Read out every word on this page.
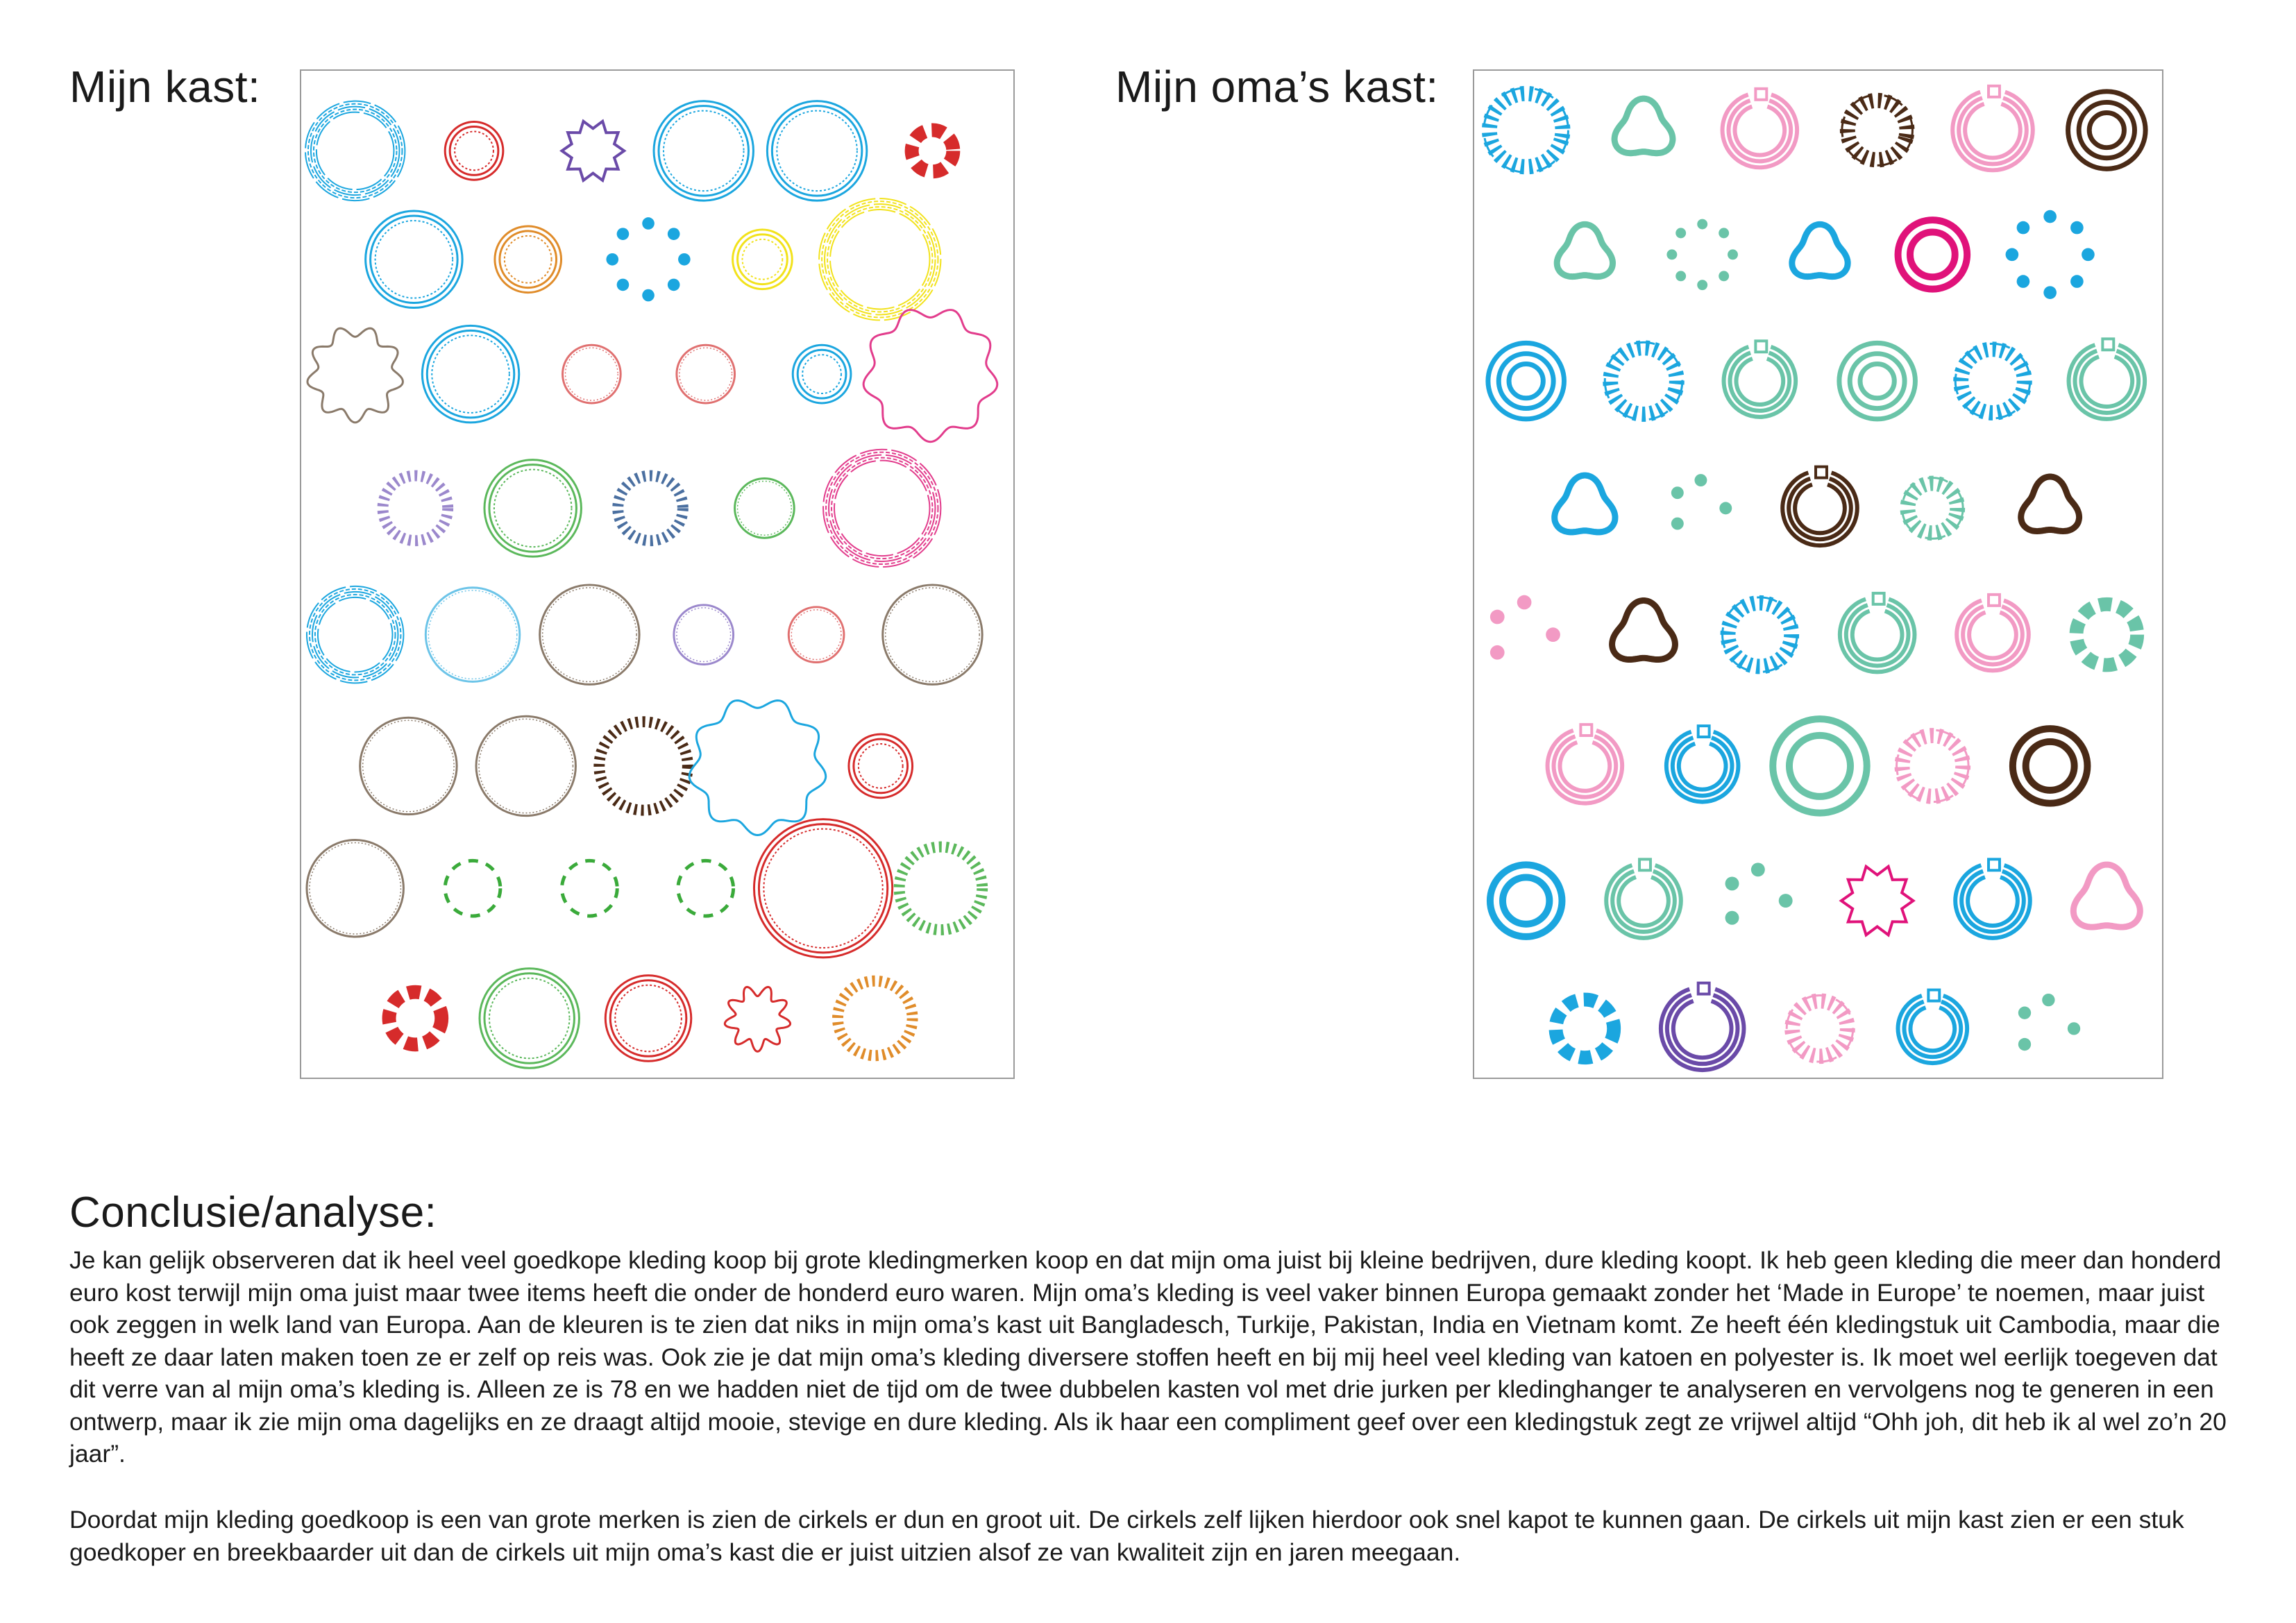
Mijn kast:	Mijn oma’s kast:
Conclusie/analyse:

Je kan gelijk observeren dat ik heel veel goedkope kleding koop bij grote kledingmerken koop en dat mijn oma juist bij kleine bedrijven, dure kleding koopt. Ik heb geen kleding die meer dan honderd euro kost terwijl mijn oma juist maar twee items heeft die onder de honderd euro waren. Mijn oma’s kleding is veel vaker binnen Europa gemaakt zonder het ‘Made in Europe’ te noemen, maar juist ook zeggen in welk land van Europa. Aan de kleuren is te zien dat niks in mijn oma’s kast uit Bangladesch, Turkije, Pakistan, India en Vietnam komt. Ze heeft één kledingstuk uit Cambodia, maar die heeft ze daar laten maken toen ze er zelf op reis was. Ook zie je dat mijn oma’s kleding diversere stoffen heeft en bij mij heel veel kleding van katoen en polyester is. Ik moet wel eerlijk toegeven dat dit verre van al mijn oma’s kleding is. Alleen ze is 78 en we hadden niet de tijd om de twee dubbelen kasten vol met drie jurken per kledinghanger te analyseren en vervolgens nog te generen in een ontwerp, maar ik zie mijn oma dagelijks en ze draagt altijd mooie, stevige en dure kleding. Als ik haar een compliment geef over een kledingstuk zegt ze vrijwel altijd “Ohh joh, dit heb ik al wel zo’n 20 jaar”.

Doordat mijn kleding goedkoop is een van grote merken is zien de cirkels er dun en groot uit. De cirkels zelf lijken hierdoor ook snel kapot te kunnen gaan. De cirkels uit mijn kast zien er een stuk goedkoper en breekbaarder uit dan de cirkels uit mijn oma’s kast die er juist uitzien alsof ze van kwaliteit zijn en jaren meegaan.
